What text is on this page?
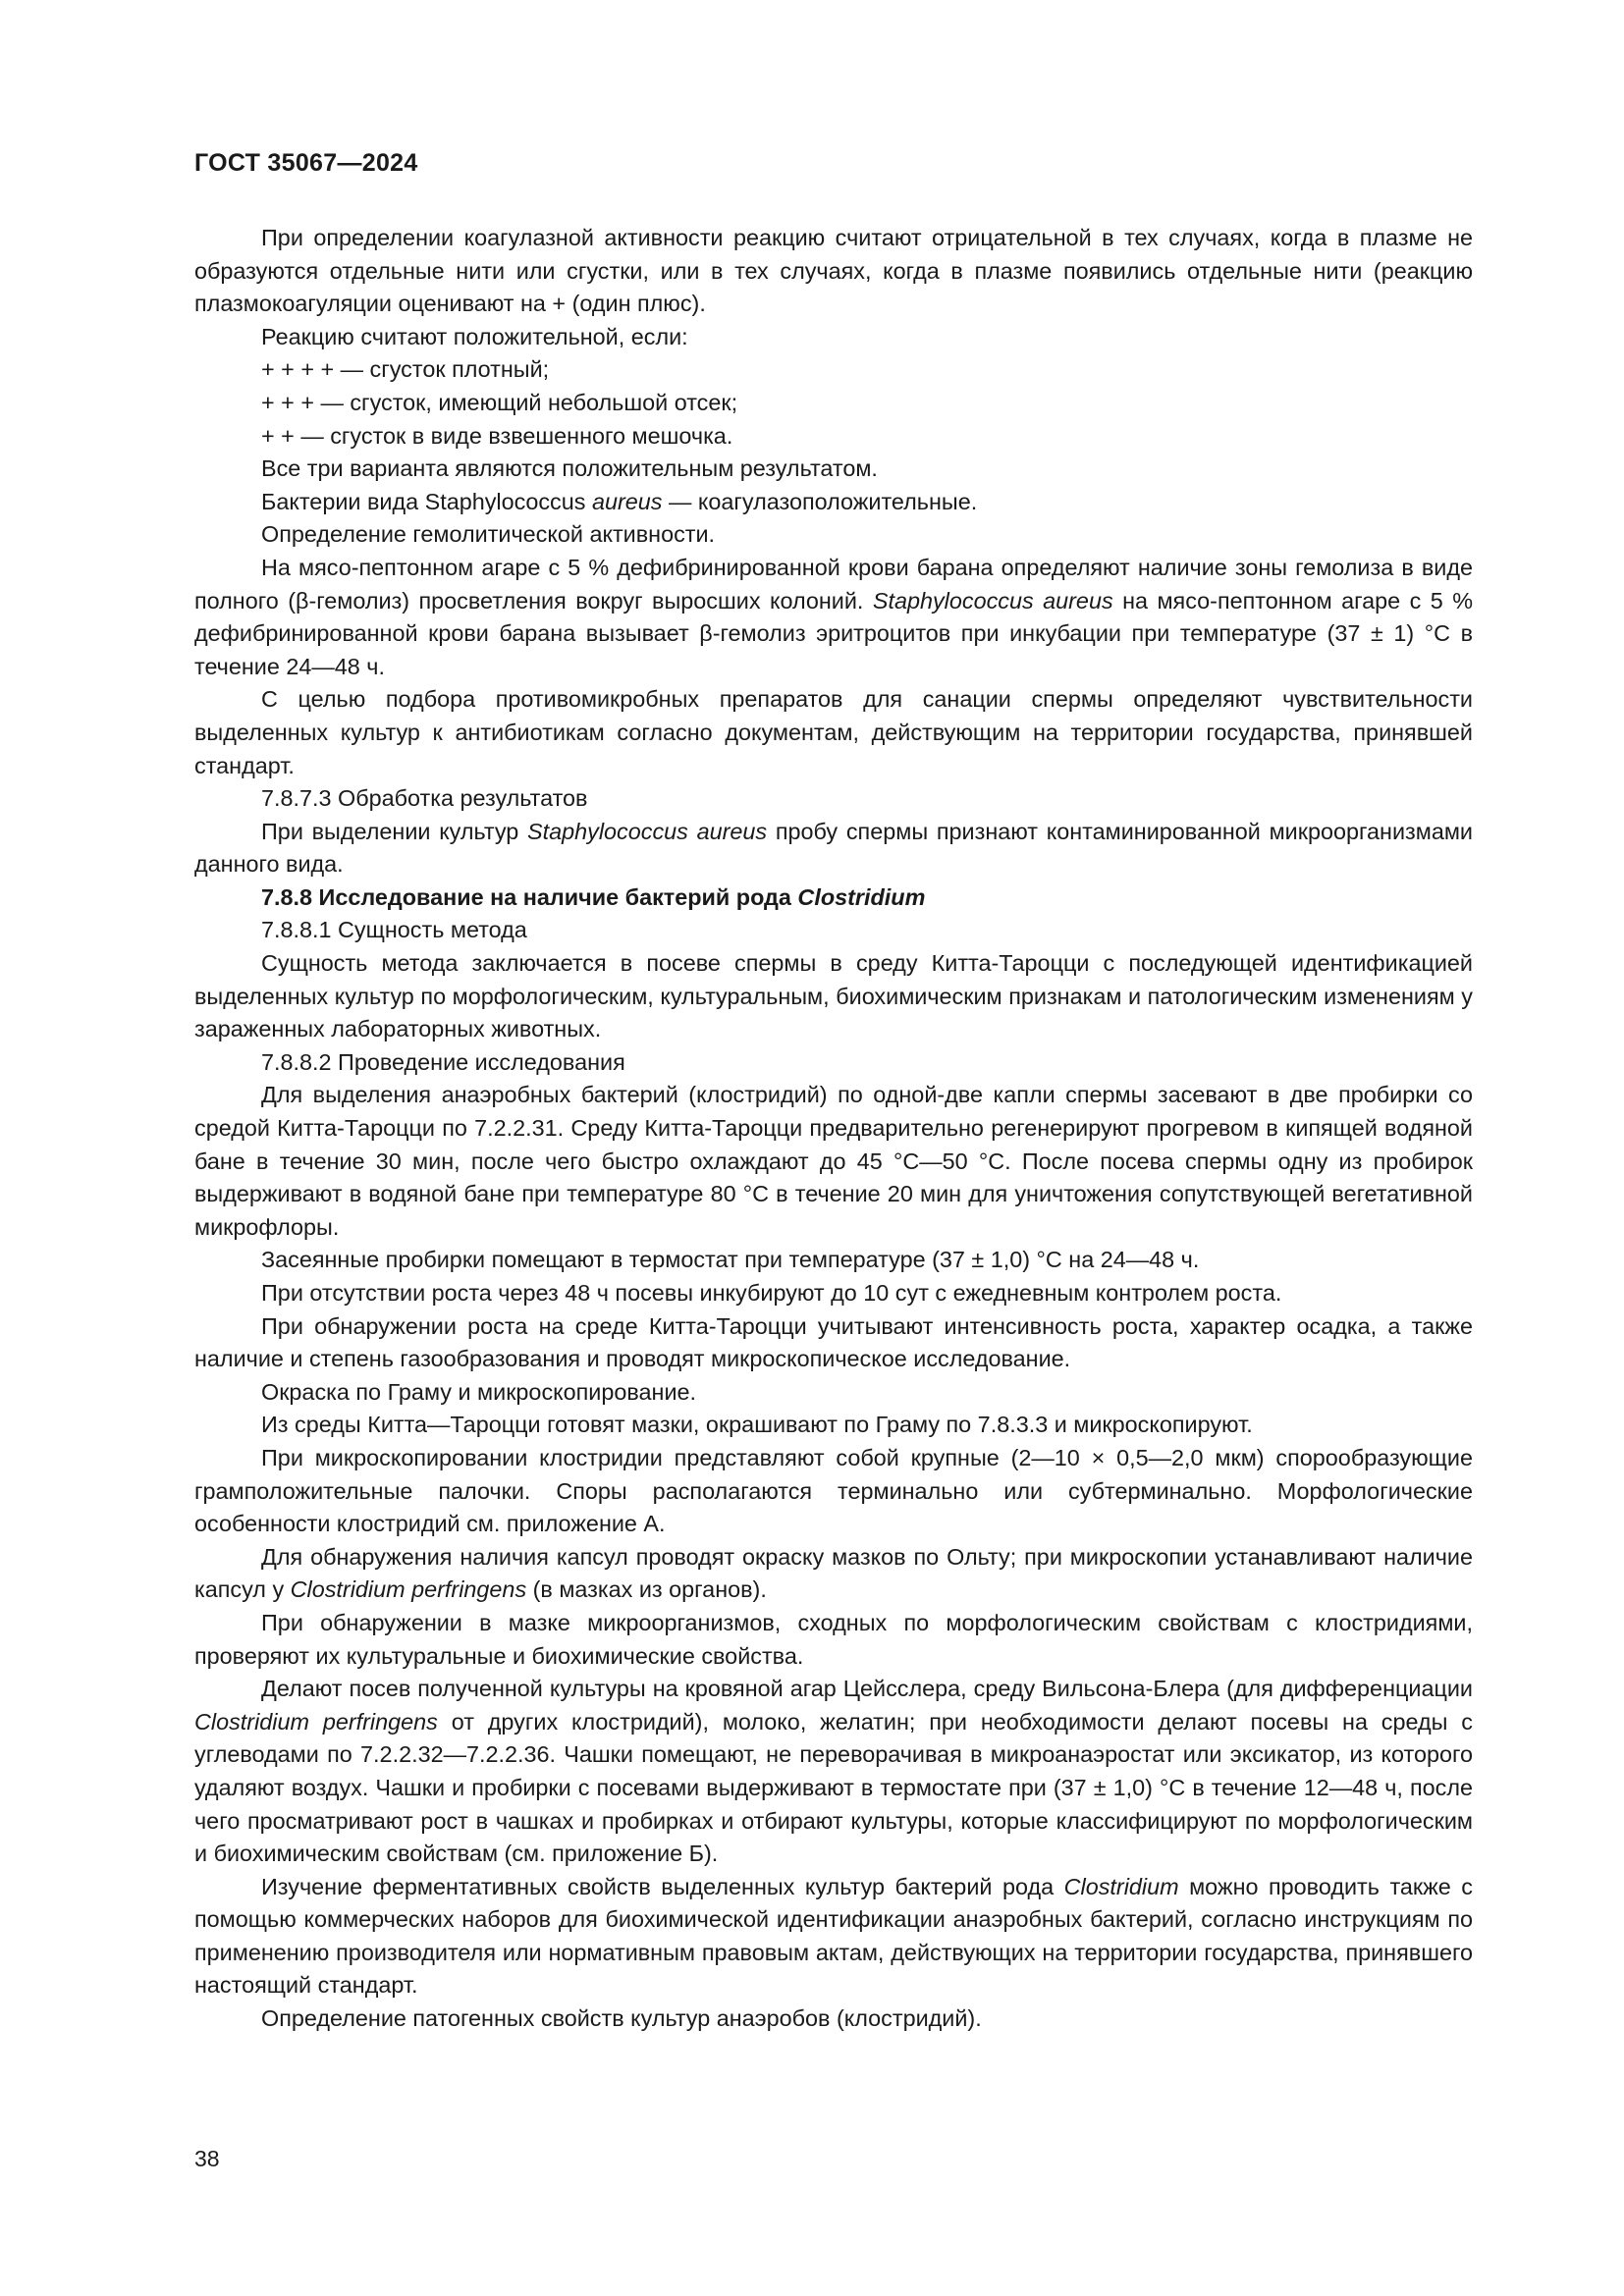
ГОСТ 35067—2024

При определении коагулазной активности реакцию считают отрицательной в тех случаях, когда в плазме не образуются отдельные нити или сгустки, или в тех случаях, когда в плазме появились отдельные нити (реакцию плазмокоагуляции оценивают на + (один плюс).

Реакцию считают положительной, если:

+ + + + — сгусток плотный;

+ + + — сгусток, имеющий небольшой отсек;

+ + — сгусток в виде взвешенного мешочка.

Все три варианта являются положительным результатом.

Бактерии вида Staphylococcus aureus — коагулазоположительные.

Определение гемолитической активности.

На мясо-пептонном агаре с 5 % дефибринированной крови барана определяют наличие зоны гемолиза в виде полного (β-гемолиз) просветления вокруг выросших колоний. Staphylococcus aureus на мясо-пептонном агаре с 5 % дефибринированной крови барана вызывает β-гемолиз эритроцитов при инкубации при температуре (37 ± 1) °С в течение 24—48 ч.

С целью подбора противомикробных препаратов для санации спермы определяют чувствительности выделенных культур к антибиотикам согласно документам, действующим на территории государства, принявшей стандарт.

7.8.7.3 Обработка результатов

При выделении культур Staphylococcus aureus пробу спермы признают контаминированной микроорганизмами данного вида.

7.8.8 Исследование на наличие бактерий рода Clostridium

7.8.8.1 Сущность метода

Сущность метода заключается в посеве спермы в среду Китта-Тароцци с последующей идентификацией выделенных культур по морфологическим, культуральным, биохимическим признакам и патологическим изменениям у зараженных лабораторных животных.

7.8.8.2 Проведение исследования

Для выделения анаэробных бактерий (клостридий) по одной-две капли спермы засевают в две пробирки со средой Китта-Тароцци по 7.2.2.31. Среду Китта-Тароцци предварительно регенерируют прогревом в кипящей водяной бане в течение 30 мин, после чего быстро охлаждают до 45 °С—50 °С. После посева спермы одну из пробирок выдерживают в водяной бане при температуре 80 °С в течение 20 мин для уничтожения сопутствующей вегетативной микрофлоры.

Засеянные пробирки помещают в термостат при температуре (37 ± 1,0) °С на 24—48 ч.

При отсутствии роста через 48 ч посевы инкубируют до 10 сут с ежедневным контролем роста.

При обнаружении роста на среде Китта-Тароцци учитывают интенсивность роста, характер осадка, а также наличие и степень газообразования и проводят микроскопическое исследование.

Окраска по Граму и микроскопирование.

Из среды Китта—Тароцци готовят мазки, окрашивают по Граму по 7.8.3.3 и микроскопируют.

При микроскопировании клостридии представляют собой крупные (2—10 × 0,5—2,0 мкм) спорообразующие грамположительные палочки. Споры располагаются терминально или субтерминально. Морфологические особенности клостридий см. приложение А.

Для обнаружения наличия капсул проводят окраску мазков по Ольту; при микроскопии устанавливают наличие капсул у Clostridium perfringens (в мазках из органов).

При обнаружении в мазке микроорганизмов, сходных по морфологическим свойствам с клостридиями, проверяют их культуральные и биохимические свойства.

Делают посев полученной культуры на кровяной агар Цейсслера, среду Вильсона-Блера (для дифференциации Clostridium perfringens от других клостридий), молоко, желатин; при необходимости делают посевы на среды с углеводами по 7.2.2.32—7.2.2.36. Чашки помещают, не переворачивая в микроанаэростат или эксикатор, из которого удаляют воздух. Чашки и пробирки с посевами выдерживают в термостате при (37 ± 1,0) °С в течение 12—48 ч, после чего просматривают рост в чашках и пробирках и отбирают культуры, которые классифицируют по морфологическим и биохимическим свойствам (см. приложение Б).

Изучение ферментативных свойств выделенных культур бактерий рода Clostridium можно проводить также с помощью коммерческих наборов для биохимической идентификации анаэробных бактерий, согласно инструкциям по применению производителя или нормативным правовым актам, действующих на территории государства, принявшего настоящий стандарт.

Определение патогенных свойств культур анаэробов (клостридий).

38
